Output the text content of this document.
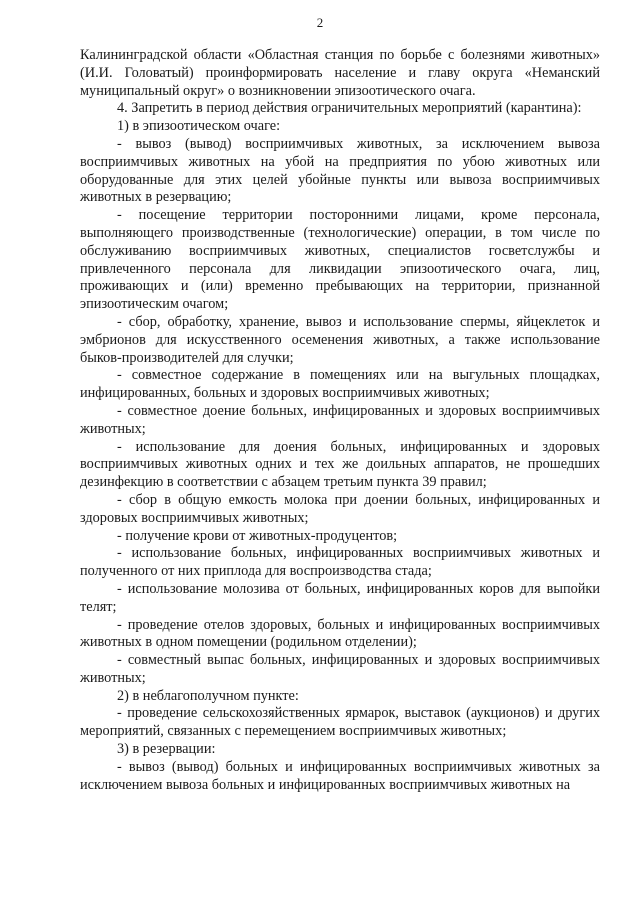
2

Калининградской области «Областная станция по борьбе с болезнями животных» (И.И. Головатый) проинформировать население и главу округа «Неманский муниципальный округ» о возникновении эпизоотического очага.

4. Запретить в период действия ограничительных мероприятий (карантина):

1) в эпизоотическом очаге:

- вывоз (вывод) восприимчивых животных, за исключением вывоза восприимчивых животных на убой на предприятия по убою животных или оборудованные для этих целей убойные пункты или вывоза восприимчивых животных в резервацию;

- посещение территории посторонними лицами, кроме персонала, выполняющего производственные (технологические) операции, в том числе по обслуживанию восприимчивых животных, специалистов госветслужбы и привлеченного персонала для ликвидации эпизоотического очага, лиц, проживающих и (или) временно пребывающих на территории, признанной эпизоотическим очагом;

- сбор, обработку, хранение, вывоз и использование спермы, яйцеклеток и эмбрионов для искусственного осеменения животных, а также использование быков-производителей для случки;

- совместное содержание в помещениях или на выгульных площадках, инфицированных, больных и здоровых восприимчивых животных;

- совместное доение больных, инфицированных и здоровых восприимчивых животных;

- использование для доения больных, инфицированных и здоровых восприимчивых животных одних и тех же доильных аппаратов, не прошедших дезинфекцию в соответствии с абзацем третьим пункта 39 правил;

- сбор в общую емкость молока при доении больных, инфицированных и здоровых восприимчивых животных;

- получение крови от животных-продуцентов;

- использование больных, инфицированных восприимчивых животных и полученного от них приплода для воспроизводства стада;

- использование молозива от больных, инфицированных коров для выпойки телят;

- проведение отелов здоровых, больных и инфицированных восприимчивых животных в одном помещении (родильном отделении);

- совместный выпас больных, инфицированных и здоровых восприимчивых животных;

2) в неблагополучном пункте:

- проведение сельскохозяйственных ярмарок, выставок (аукционов) и других мероприятий, связанных с перемещением восприимчивых животных;

3) в резервации:

- вывоз (вывод) больных и инфицированных восприимчивых животных за исключением вывоза больных и инфицированных восприимчивых животных на
